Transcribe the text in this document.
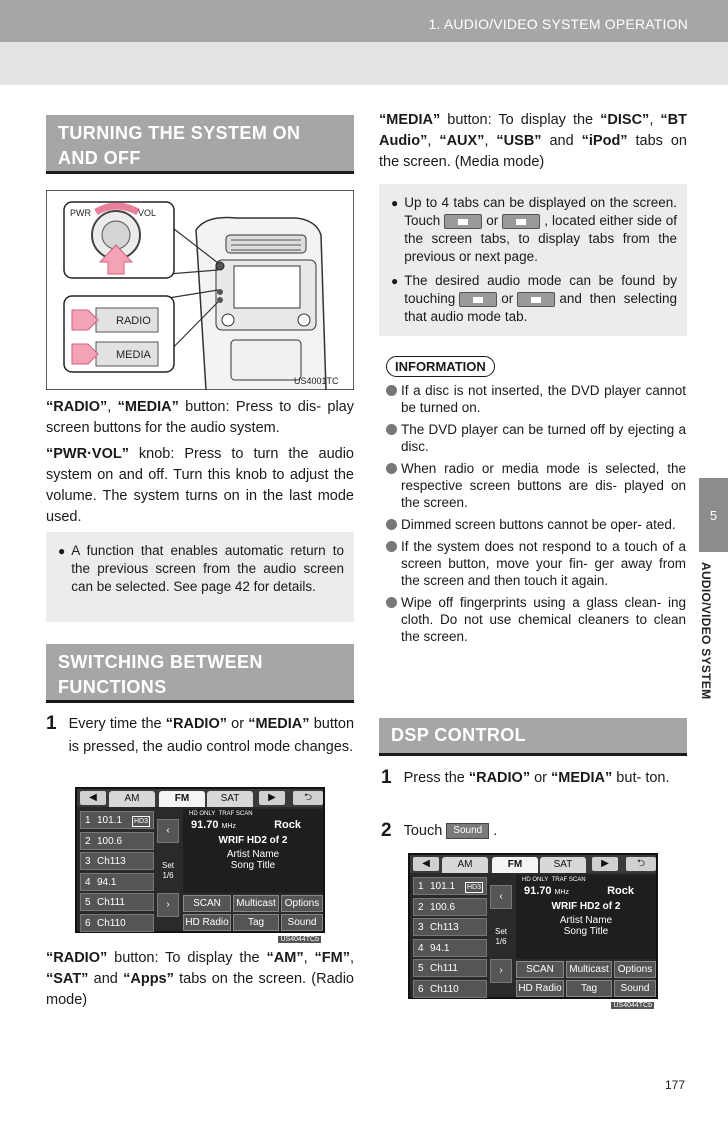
1. AUDIO/VIDEO SYSTEM OPERATION
5
AUDIO/VIDEO SYSTEM
TURNING THE SYSTEM ON AND OFF
PWR	VOL
RADIO
MEDIA
US4001TC

“RADIO”, “MEDIA” button: Press to dis- play screen buttons for the audio system.

“PWR·VOL” knob: Press to turn the audio system on and off. Turn this knob to adjust the volume. The system turns on in the last mode used.

● A function that enables automatic return to the previous screen from the audio screen can be selected. See page 42 for details.
SWITCHING BETWEEN FUNCTIONS
1 Every time the “RADIO” or “MEDIA” button is pressed, the audio control mode changes.
◀	AM	FM	SAT	▶	⮌
1 101.1 HD3
2 100.6
3 Ch113
4 94.1
5 Ch111
6 Ch110
‹
Set
1/6
›
HD ONLY TRAF SCAN
91.70 MHz	Rock
WRIF HD2 of 2
Artist Name
Song Title
SCAN	Multicast Options
HD Radio	Tag	Sound
US4044TCb

“RADIO” button: To display the “AM”, “FM”, “SAT” and “Apps” tabs on the screen. (Radio mode)

“MEDIA” button: To display the “DISC”, “BT Audio”, “AUX”, “USB” and “iPod” tabs on the screen. (Media mode)

● Up to 4 tabs can be displayed on the screen. Touch	or	, located either side of the screen tabs, to display tabs from the previous or next page.
● The desired audio mode can be found by touching	or	and then selecting that audio mode tab.
INFORMATION
If a disc is not inserted, the DVD player cannot be turned on.
The DVD player can be turned off by ejecting a disc.
When radio or media mode is selected, the respective screen buttons are dis- played on the screen.
Dimmed screen buttons cannot be oper- ated.
If the system does not respond to a touch of a screen button, move your fin- ger away from the screen and then touch it again.
Wipe off fingerprints using a glass clean- ing cloth. Do not use chemical cleaners to clean the screen.
DSP CONTROL
1 Press the “RADIO” or “MEDIA” but- ton.
2 Touch Sound .
◀	AM	FM	SAT	▶	⮌
1 101.1 HD3
2 100.6
3 Ch113
4 94.1
5 Ch111
6 Ch110
‹
Set
1/6
›
HD ONLY TRAF SCAN
91.70 MHz	Rock
WRIF HD2 of 2
Artist Name
Song Title
SCAN	Multicast Options
HD Radio	Tag	Sound
US4044TCb
177
